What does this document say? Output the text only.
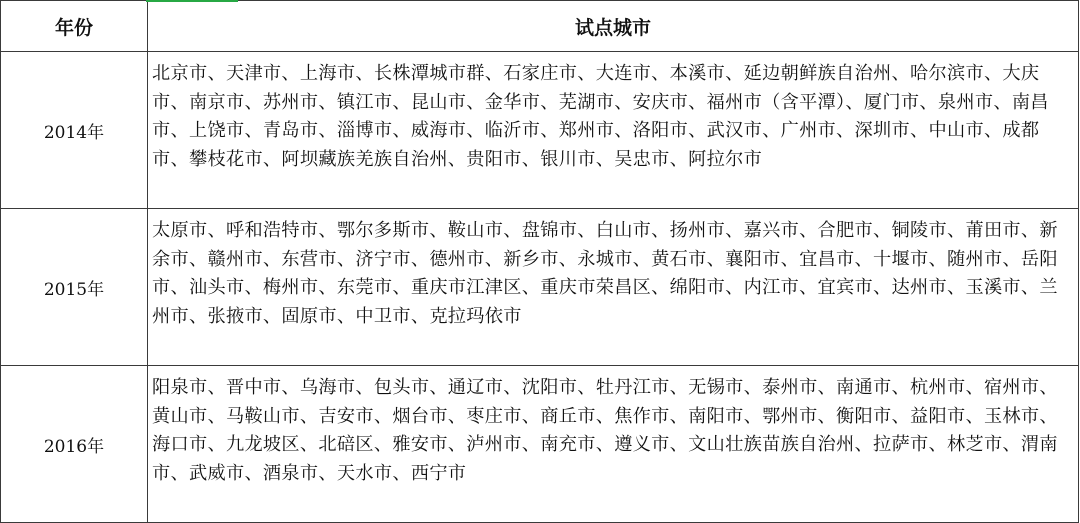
年份	试点城市
2014年	北京市、天津市、上海市、长株潭城市群、石家庄市、大连市、本溪市、延边朝鲜族自治州、哈尔滨市、大庆市、南京市、苏州市、镇江市、昆山市、金华市、芜湖市、安庆市、福州市（含平潭）、厦门市、泉州市、南昌市、上饶市、青岛市、淄博市、威海市、临沂市、郑州市、洛阳市、武汉市、广州市、深圳市、中山市、成都市、攀枝花市、阿坝藏族羌族自治州、贵阳市、银川市、吴忠市、阿拉尔市
2015年	太原市、呼和浩特市、鄂尔多斯市、鞍山市、盘锦市、白山市、扬州市、嘉兴市、合肥市、铜陵市、莆田市、新余市、赣州市、东营市、济宁市、德州市、新乡市、永城市、黄石市、襄阳市、宜昌市、十堰市、随州市、岳阳市、汕头市、梅州市、东莞市、重庆市江津区、重庆市荣昌区、绵阳市、内江市、宜宾市、达州市、玉溪市、兰州市、张掖市、固原市、中卫市、克拉玛依市
2016年	阳泉市、晋中市、乌海市、包头市、通辽市、沈阳市、牡丹江市、无锡市、泰州市、南通市、杭州市、宿州市、黄山市、马鞍山市、吉安市、烟台市、枣庄市、商丘市、焦作市、南阳市、鄂州市、衡阳市、益阳市、玉林市、海口市、九龙坡区、北碚区、雅安市、泸州市、南充市、遵义市、文山壮族苗族自治州、拉萨市、林芝市、渭南市、武威市、酒泉市、天水市、西宁市
